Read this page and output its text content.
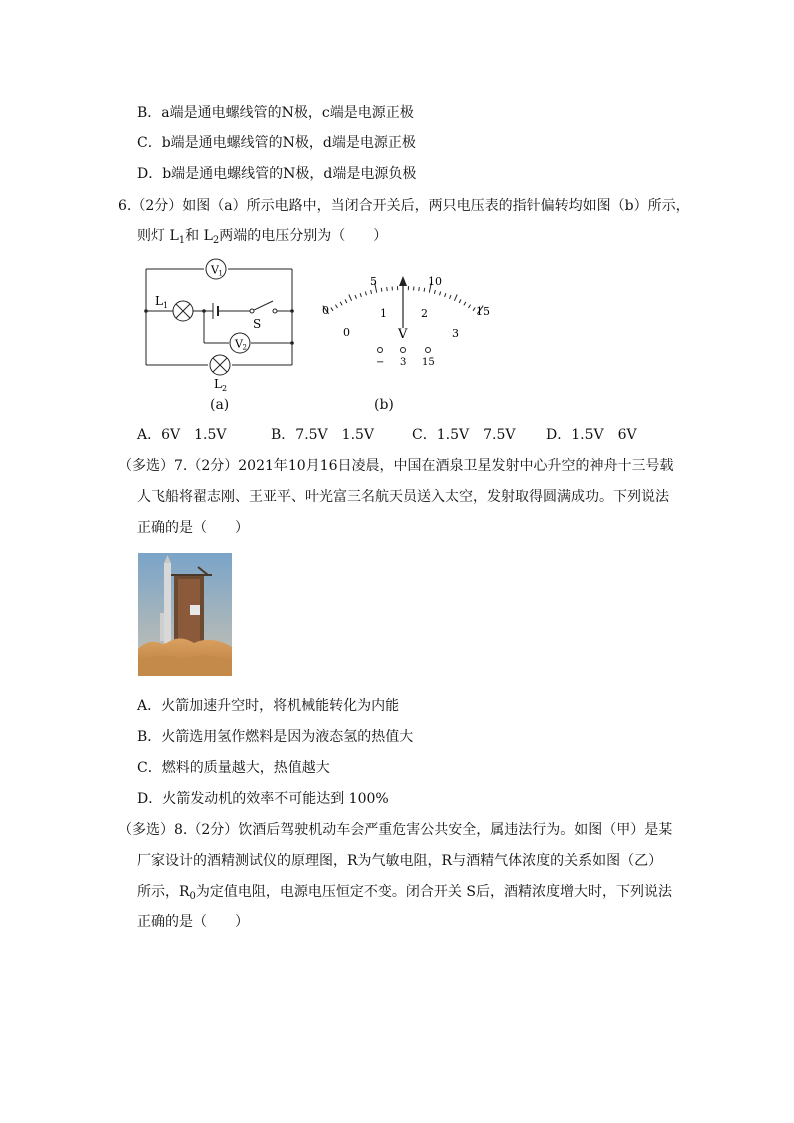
B．a端是通电螺线管的N极，c端是电源正极
C．b端是通电螺线管的N极，d端是电源正极
D．b端是通电螺线管的N极，d端是电源负极
6.（2分）如图（a）所示电路中，当闭合开关后，两只电压表的指针偏转均如图（b）所示，
则灯 $L_1$和 $L_2$两端的电压分别为（　　）
V 1
V 2
L 1
L 2
S
(a)
0
5	10
15
0
1	2
3
V
− 3 15
(b)
A．6V　1.5V	B．7.5V　1.5V	C．1.5V　7.5V D．1.5V　6V
（多选）7.（2分）2021年10月16日凌晨，中国在酒泉卫星发射中心升空的神舟十三号载
人飞船将翟志刚、王亚平、叶光富三名航天员送入太空，发射取得圆满成功。下列说法
正确的是（　　）
A．火箭加速升空时，将机械能转化为内能
B．火箭选用氢作燃料是因为液态氢的热值大
C．燃料的质量越大，热值越大
D．火箭发动机的效率不可能达到 100%
（多选）8.（2分）饮酒后驾驶机动车会严重危害公共安全，属违法行为。如图（甲）是某
厂家设计的酒精测试仪的原理图，R为气敏电阻，R与酒精气体浓度的关系如图（乙）
所示，$R_0$为定值电阻，电源电压恒定不变。闭合开关 S后，酒精浓度增大时，下列说法
正确的是（　　）
